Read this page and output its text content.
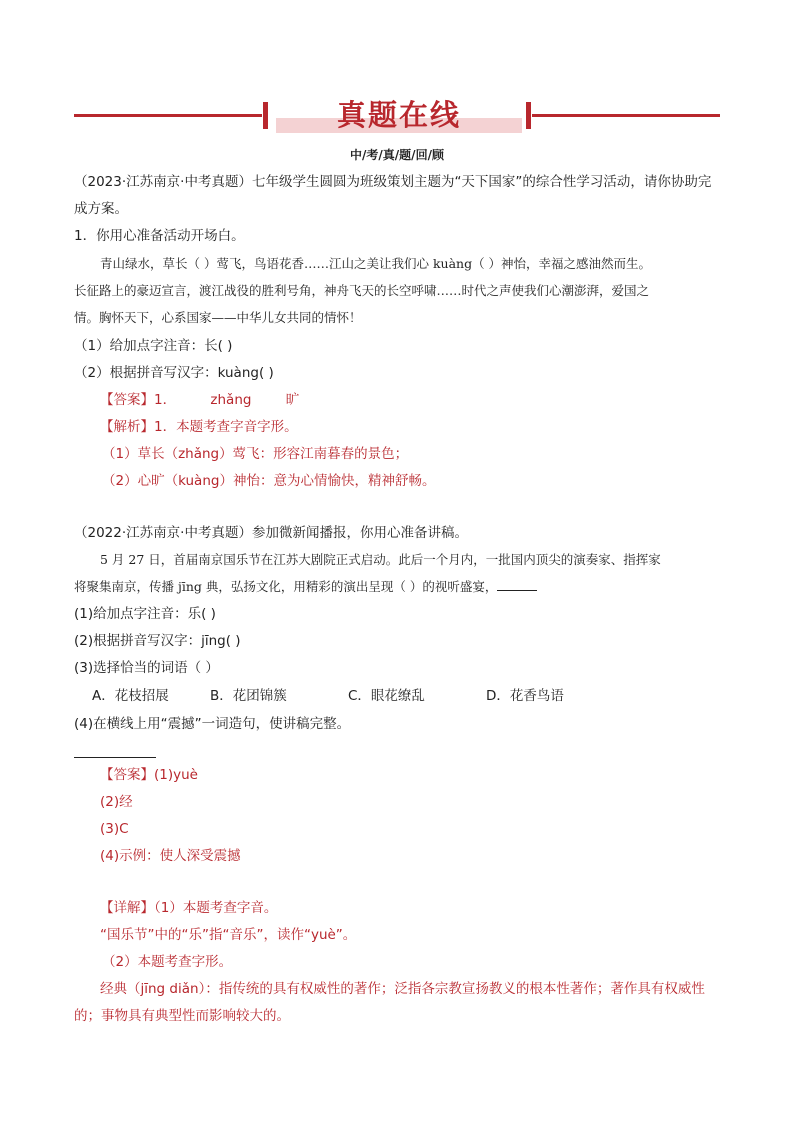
真题在线
中/考/真/题/回/顾
（2023·江苏南京·中考真题）七年级学生圆圆为班级策划主题为“天下国家”的综合性学习活动，请你协助完
成方案。
1．你用心准备活动开场白。
青山绿水，草长（ ）莺飞，鸟语花香……江山之美让我们心 kuàng（ ）神怡，幸福之感油然而生。
长征路上的豪迈宣言，渡江战役的胜利号角，神舟飞天的长空呼啸……时代之声使我们心潮澎湃，爱国之
情。胸怀天下，心系国家——中华儿女共同的情怀！
（1）给加点字注音：长( )
（2）根据拼音写汉字：kuàng( )
【答案】1．        zhǎng        旷
【解析】1．本题考查字音字形。
（1）草长（zhǎng）莺飞：形容江南暮春的景色；
（2）心旷（kuàng）神怡：意为心情愉快，精神舒畅。
（2022·江苏南京·中考真题）参加微新闻播报，你用心准备讲稿。
5 月 27 日，首届南京国乐节在江苏大剧院正式启动。此后一个月内，一批国内顶尖的演奏家、指挥家
将聚集南京，传播 jīng 典，弘扬文化，用精彩的演出呈现（ ）的视听盛宴，
(1)给加点字注音：乐( )
(2)根据拼音写汉字：jīng( )
(3)选择恰当的词语（ ）
A．花枝招展	B．花团锦簇	C．眼花缭乱	D．花香鸟语
(4)在横线上用“震撼”一词造句，使讲稿完整。
【答案】(1)yuè
(2)经
(3)C
(4)示例：使人深受震撼
【详解】（1）本题考查字音。
“国乐节”中的“乐”指“音乐”，读作“yuè”。
（2）本题考查字形。
经典（jīng diǎn）：指传统的具有权威性的著作；泛指各宗教宣扬教义的根本性著作；著作具有权威性
的；事物具有典型性而影响较大的。
